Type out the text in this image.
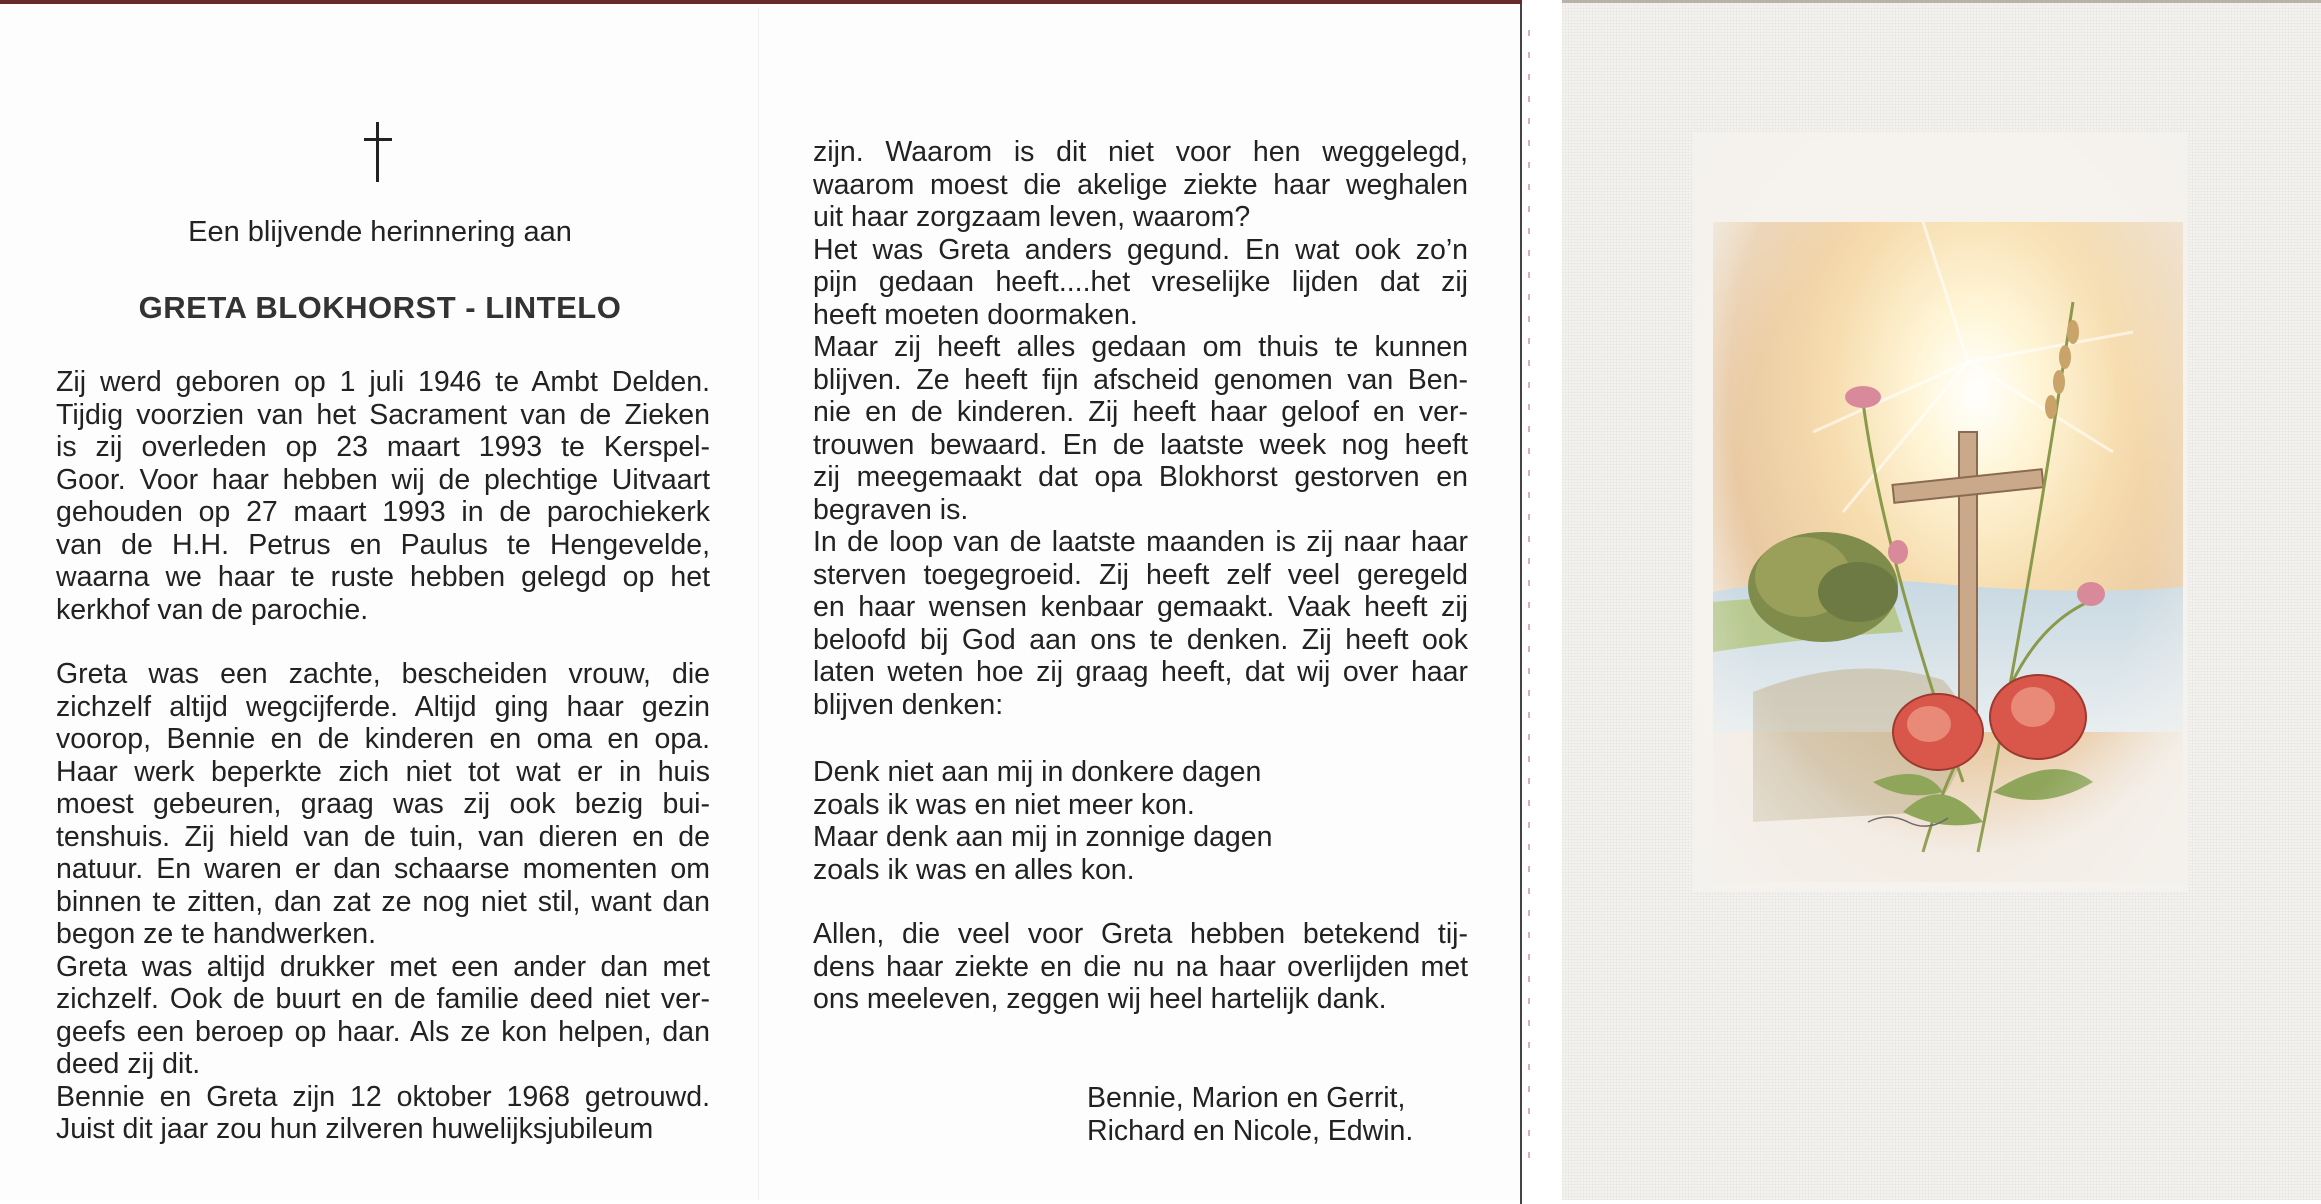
Een blijvende herinnering aan
GRETA BLOKHORST - LINTELO

Zij werd geboren op 1 juli 1946 te Ambt Delden.
Tijdig voorzien van het Sacrament van de Zieken
is zij overleden op 23 maart 1993 te Kerspel-
Goor. Voor haar hebben wij de plechtige Uitvaart
gehouden op 27 maart 1993 in de parochiekerk
van de H.H. Petrus en Paulus te Hengevelde,
waarna we haar te ruste hebben gelegd op het
kerkhof van de parochie.

Greta was een zachte, bescheiden vrouw, die
zichzelf altijd wegcijferde. Altijd ging haar gezin
voorop, Bennie en de kinderen en oma en opa.
Haar werk beperkte zich niet tot wat er in huis
moest gebeuren, graag was zij ook bezig bui-
tenshuis. Zij hield van de tuin, van dieren en de
natuur. En waren er dan schaarse momenten om
binnen te zitten, dan zat ze nog niet stil, want dan
begon ze te handwerken.

Greta was altijd drukker met een ander dan met
zichzelf. Ook de buurt en de familie deed niet ver-
geefs een beroep op haar. Als ze kon helpen, dan
deed zij dit.

Bennie en Greta zijn 12 oktober 1968 getrouwd.
Juist dit jaar zou hun zilveren huwelijksjubileum

zijn. Waarom is dit niet voor hen weggelegd,
waarom moest die akelige ziekte haar weghalen
uit haar zorgzaam leven, waarom?

Het was Greta anders gegund. En wat ook zo’n
pijn gedaan heeft....het vreselijke lijden dat zij
heeft moeten doormaken.

Maar zij heeft alles gedaan om thuis te kunnen
blijven. Ze heeft fijn afscheid genomen van Ben-
nie en de kinderen. Zij heeft haar geloof en ver-
trouwen bewaard. En de laatste week nog heeft
zij meegemaakt dat opa Blokhorst gestorven en
begraven is.

In de loop van de laatste maanden is zij naar haar
sterven toegegroeid. Zij heeft zelf veel geregeld
en haar wensen kenbaar gemaakt. Vaak heeft zij
beloofd bij God aan ons te denken. Zij heeft ook
laten weten hoe zij graag heeft, dat wij over haar
blijven denken:

Denk niet aan mij in donkere dagen
zoals ik was en niet meer kon.
Maar denk aan mij in zonnige dagen
zoals ik was en alles kon.
Allen, die veel voor Greta hebben betekend tij-
dens haar ziekte en die nu na haar overlijden met
ons meeleven, zeggen wij heel hartelijk dank.
Bennie, Marion en Gerrit,
Richard en Nicole, Edwin.
